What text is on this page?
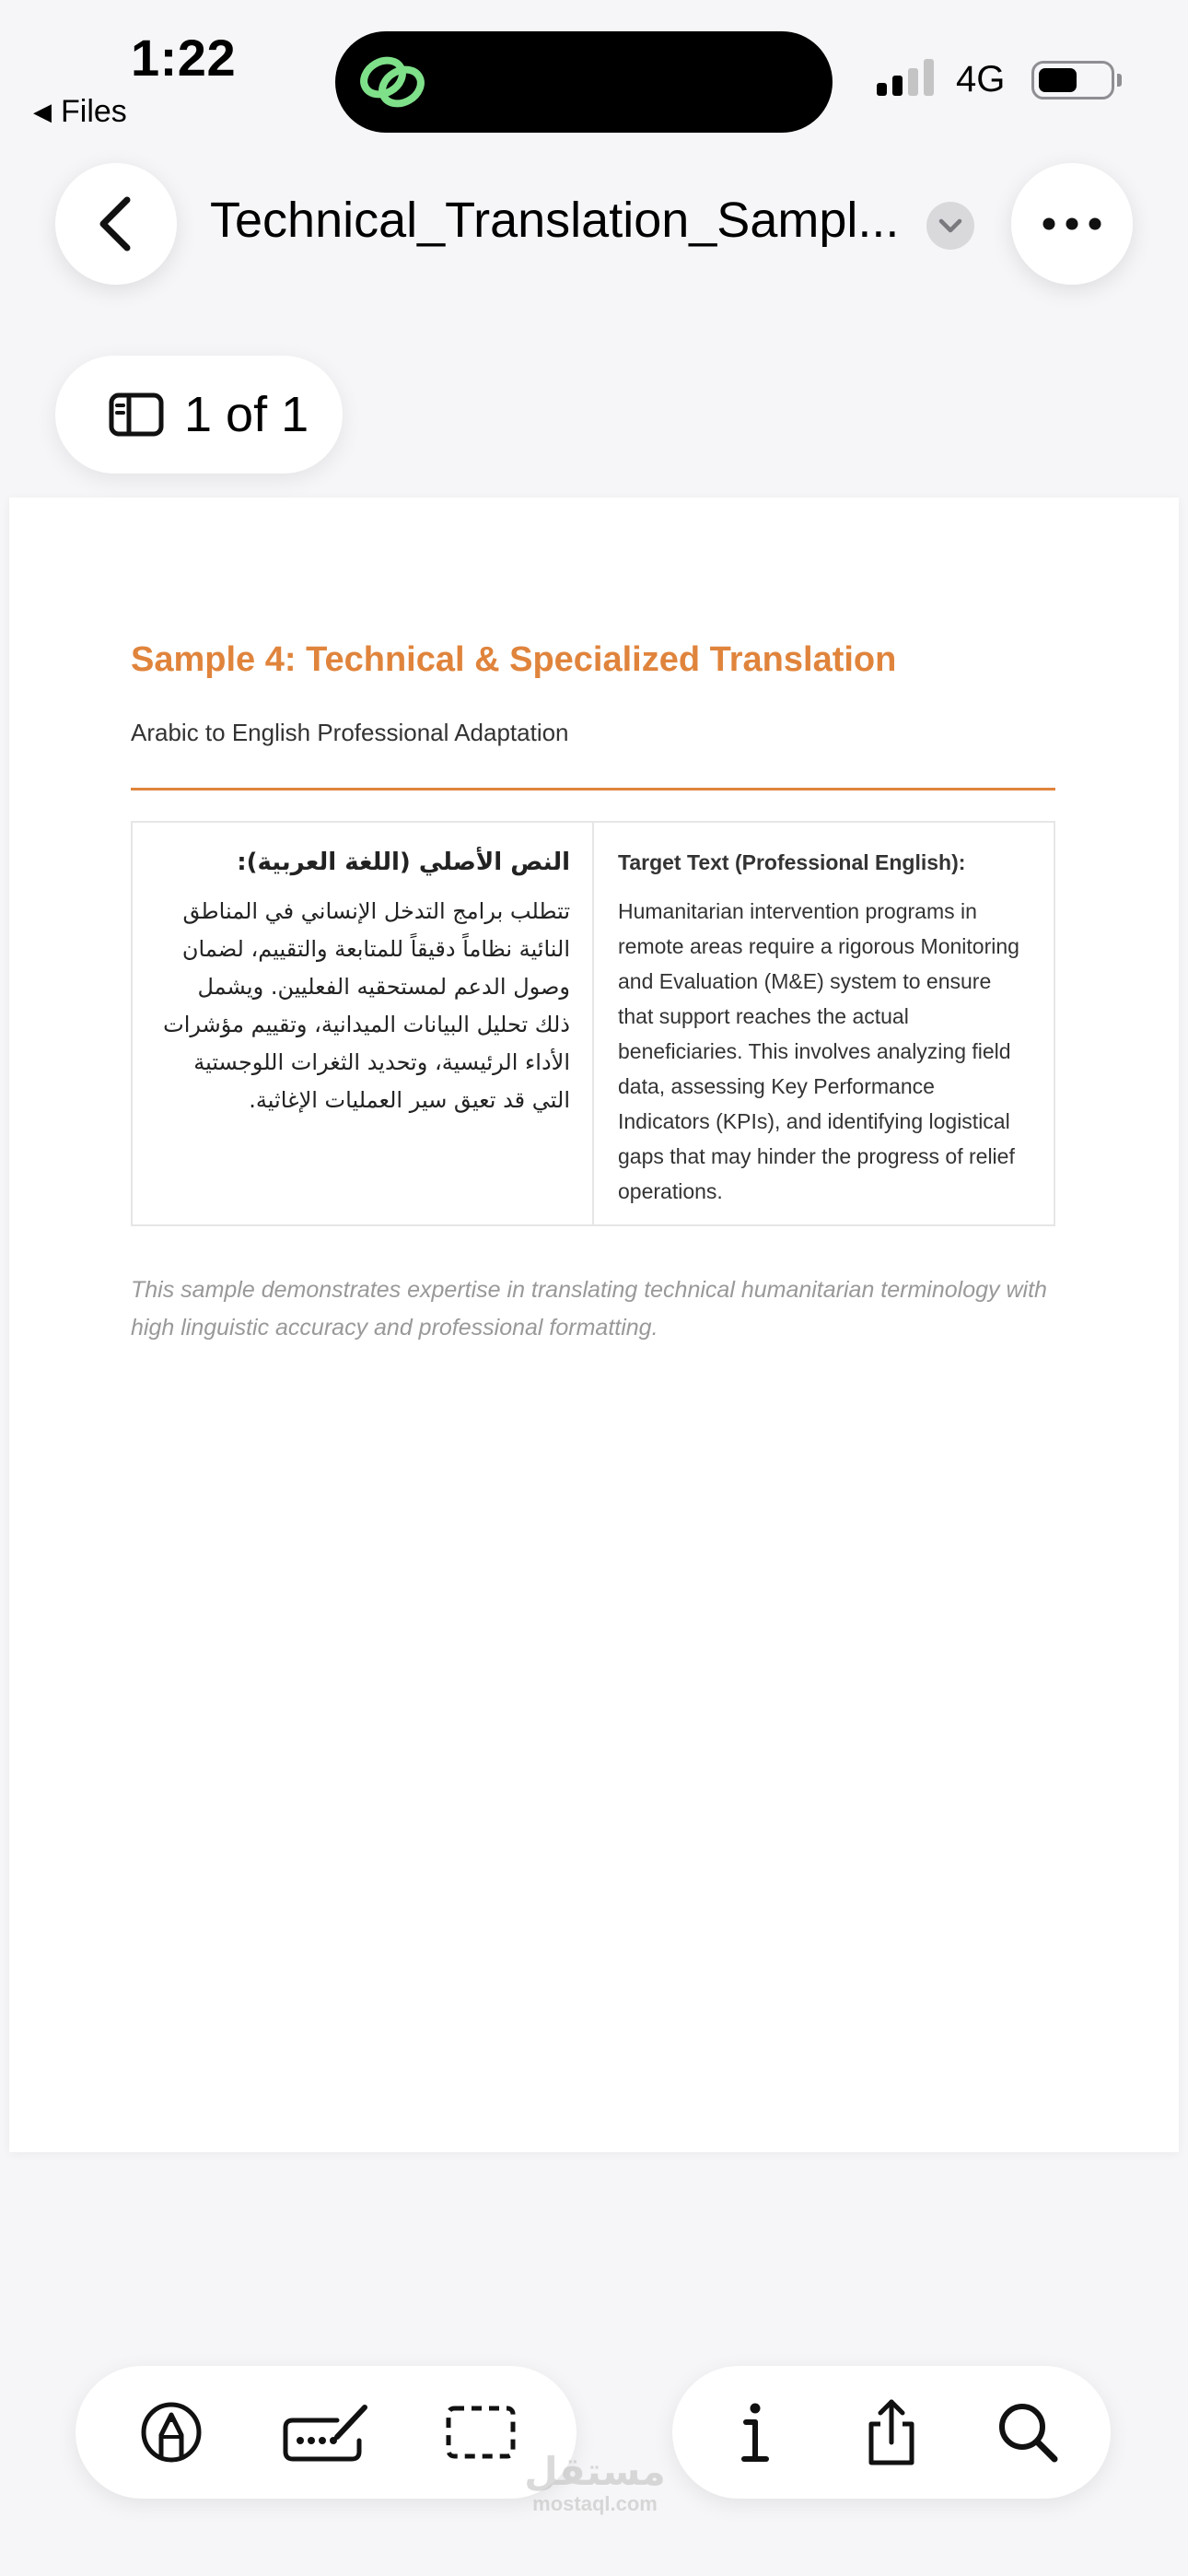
1:22
◀ Files
4G
Technical_Translation_Sampl...
1 of 1
Sample 4: Technical & Specialized Translation
Arabic to English Professional Adaptation
النص الأصلي (اللغة العربية):
تتطلب برامج التدخل الإنساني في المناطق النائية نظاماً دقيقاً للمتابعة والتقييم، لضمان وصول الدعم لمستحقيه الفعليين. ويشمل ذلك تحليل البيانات الميدانية، وتقييم مؤشرات الأداء الرئيسية، وتحديد الثغرات اللوجستية التي قد تعيق سير العمليات الإغاثية.
Target Text (Professional English):
Humanitarian intervention programs in remote areas require a rigorous Monitoring and Evaluation (M&E) system to ensure that support reaches the actual beneficiaries. This involves analyzing field data, assessing Key Performance Indicators (KPIs), and identifying logistical gaps that may hinder the progress of relief operations.
This sample demonstrates expertise in translating technical humanitarian terminology with high linguistic accuracy and professional formatting.
مستقل
mostaql.com
